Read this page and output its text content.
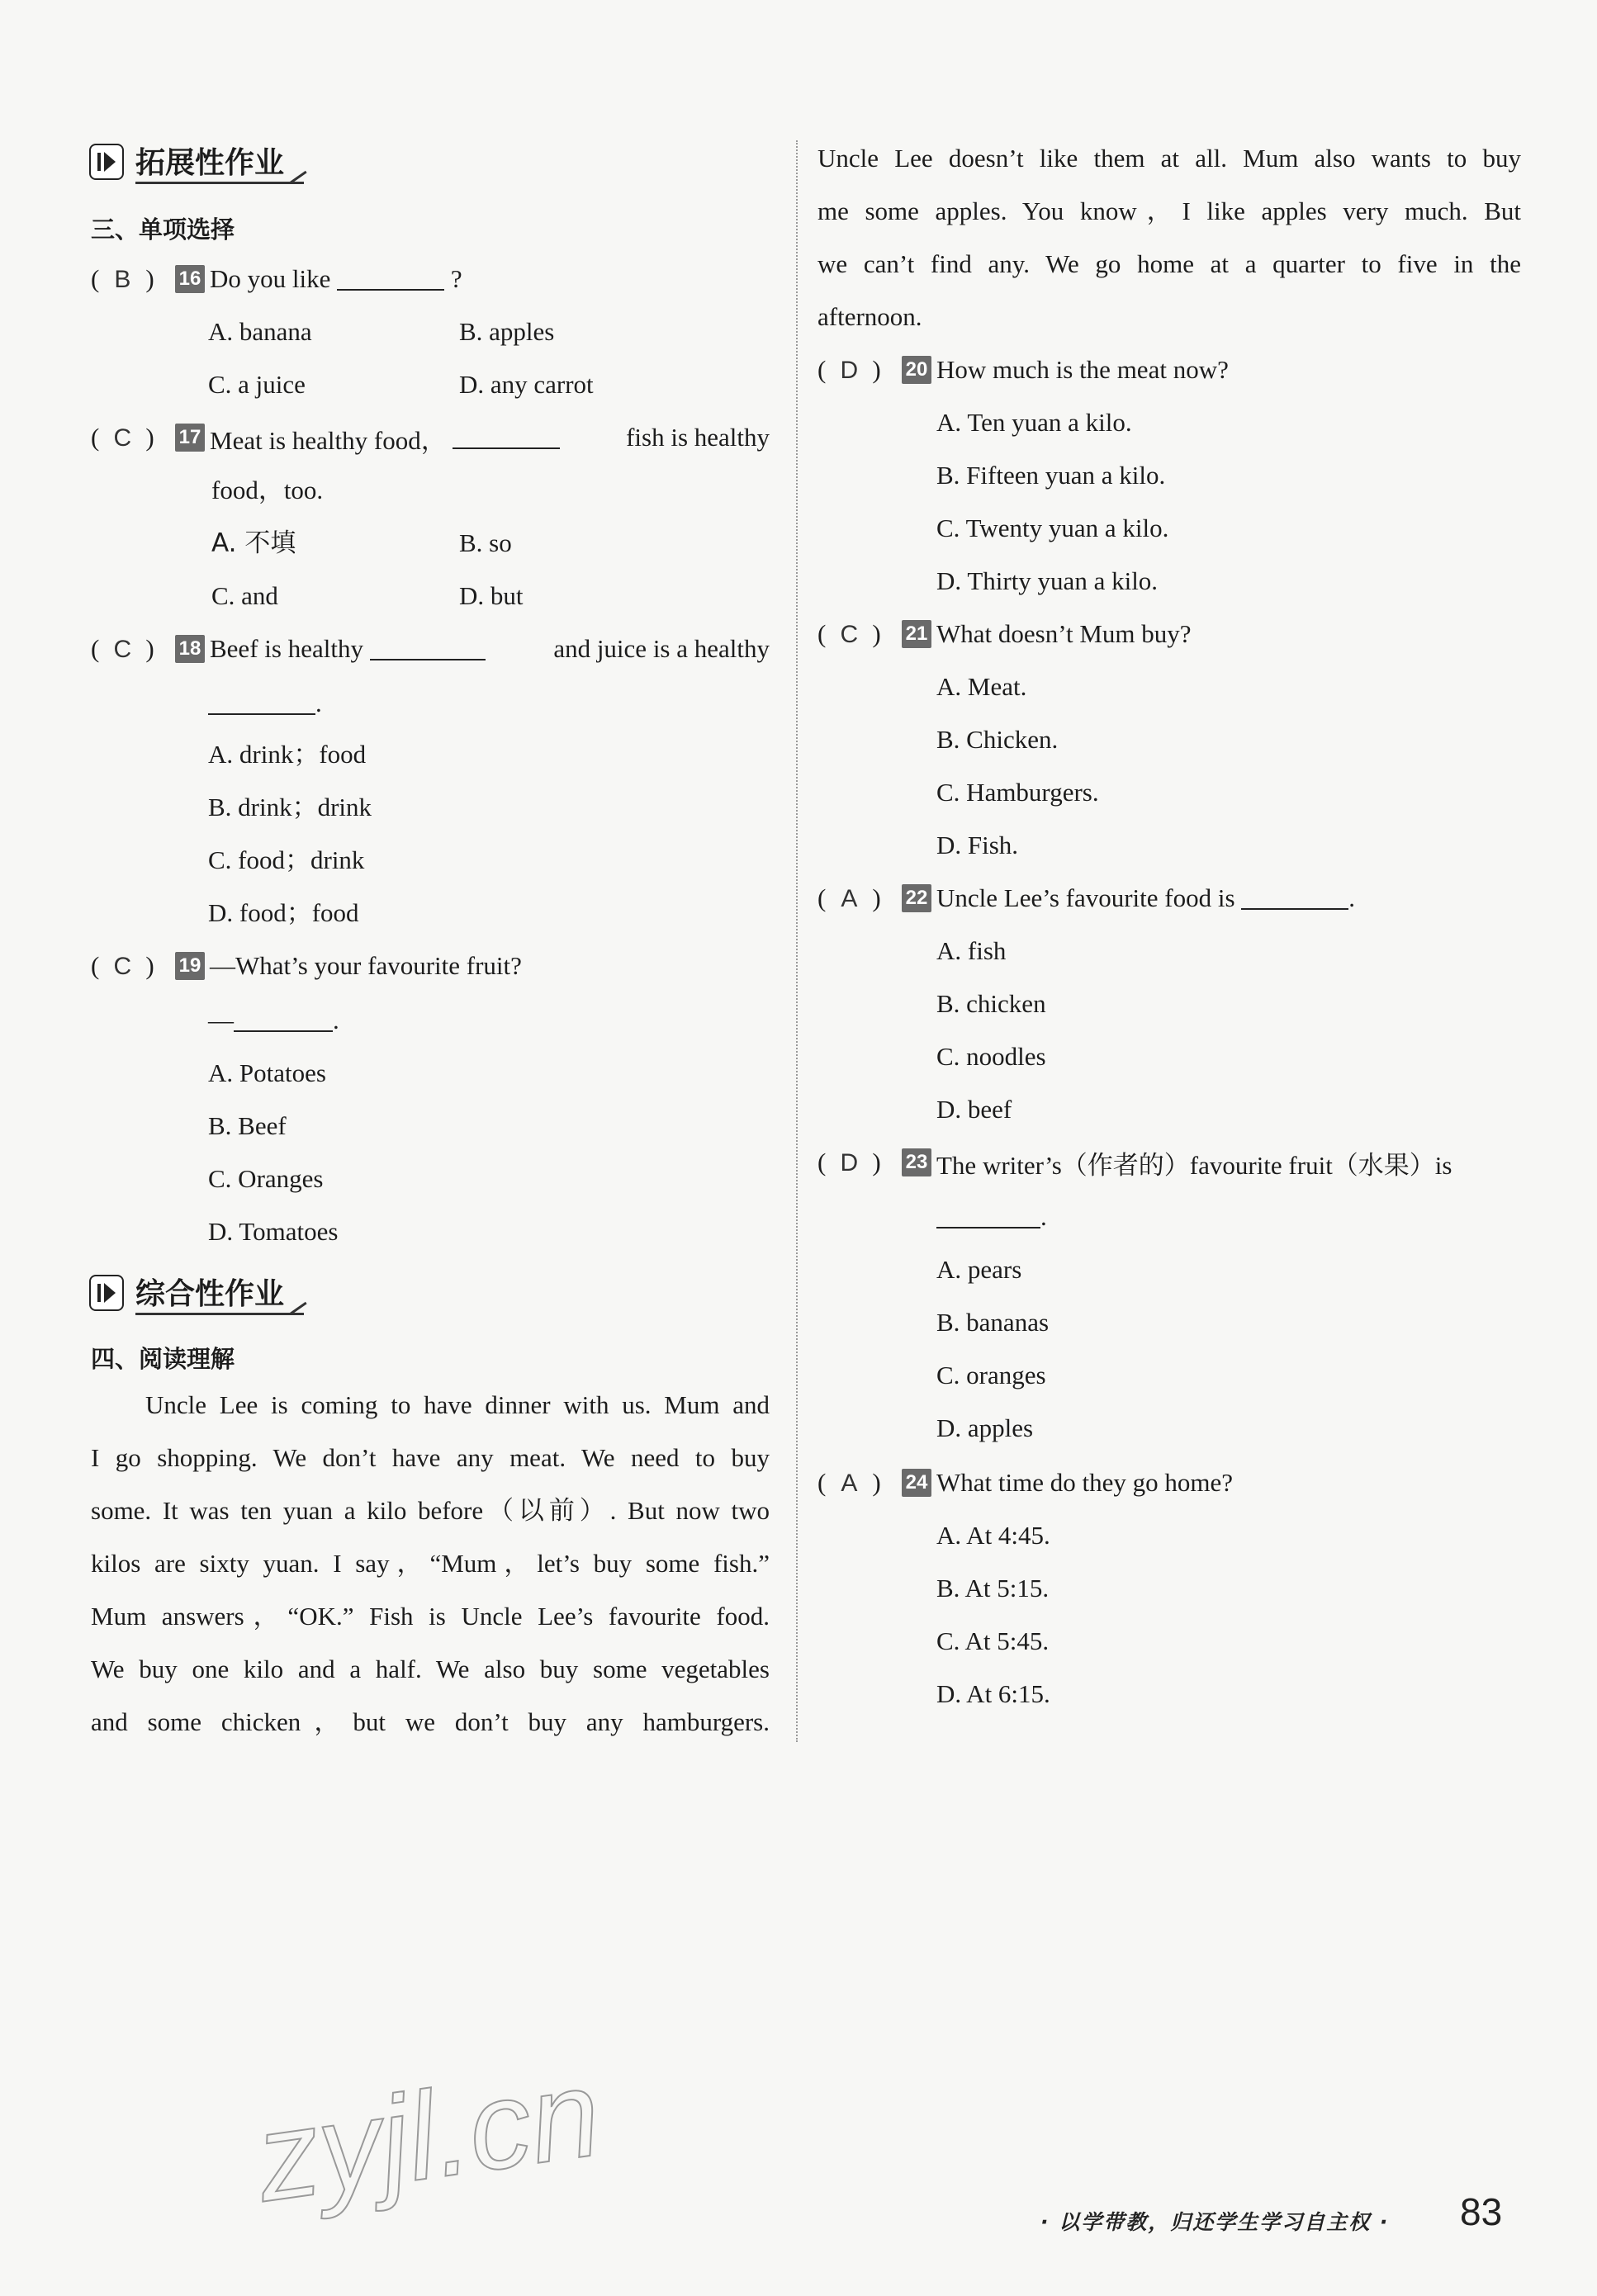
拓展性作业
三、单项选择
( B )	16 Do you like

	?
A. banana	B. apples
C. a juice	D. any carrot
( C )	17 Meat is healthy food，

	fish is healthy
food，too.
A. 不填	B. so
C. and	D. but
( C )	18 Beef is healthy

	and juice is a healthy
.
A. drink；food
B. drink；drink
C. food；drink
D. food；food
( C )	19 —What’s your favourite fruit?
—	.
A. Potatoes
B. Beef
C. Oranges
D. Tomatoes
综合性作业
四、阅读理解
Uncle Lee is coming to have dinner with us. Mum and
I go shopping. We don’t have any meat. We need to buy
some. It was ten yuan a kilo before（以前）. But now two
kilos are sixty yuan. I say，“Mum，let’s buy some fish.”
Mum answers，“OK.” Fish is Uncle Lee’s favourite food.
We buy one kilo and a half. We also buy some vegetables
and some chicken，but we don’t buy any hamburgers.
Uncle Lee doesn’t like them at all. Mum also wants to buy
me some apples. You know，I like apples very much. But
we can’t find any. We go home at a quarter to five in the
afternoon.
( D )	20 How much is the meat now?
A. Ten yuan a kilo.
B. Fifteen yuan a kilo.
C. Twenty yuan a kilo.
D. Thirty yuan a kilo.
( C )	21 What doesn’t Mum buy?
A. Meat.
B. Chicken.
C. Hamburgers.
D. Fish.
( A )	22 Uncle Lee’s favourite food is
	.
A. fish
B. chicken
C. noodles
D. beef
( D )	23 The writer’s（作者的）favourite fruit（水果）is
.
A. pears
B. bananas
C. oranges
D. apples
( A )	24 What time do they go home?
A. At 4:45.
B. At 5:15.
C. At 5:45.
D. At 6:15.
zyjl.cn	· 以学带教，归还学生学习自主权 · 83
